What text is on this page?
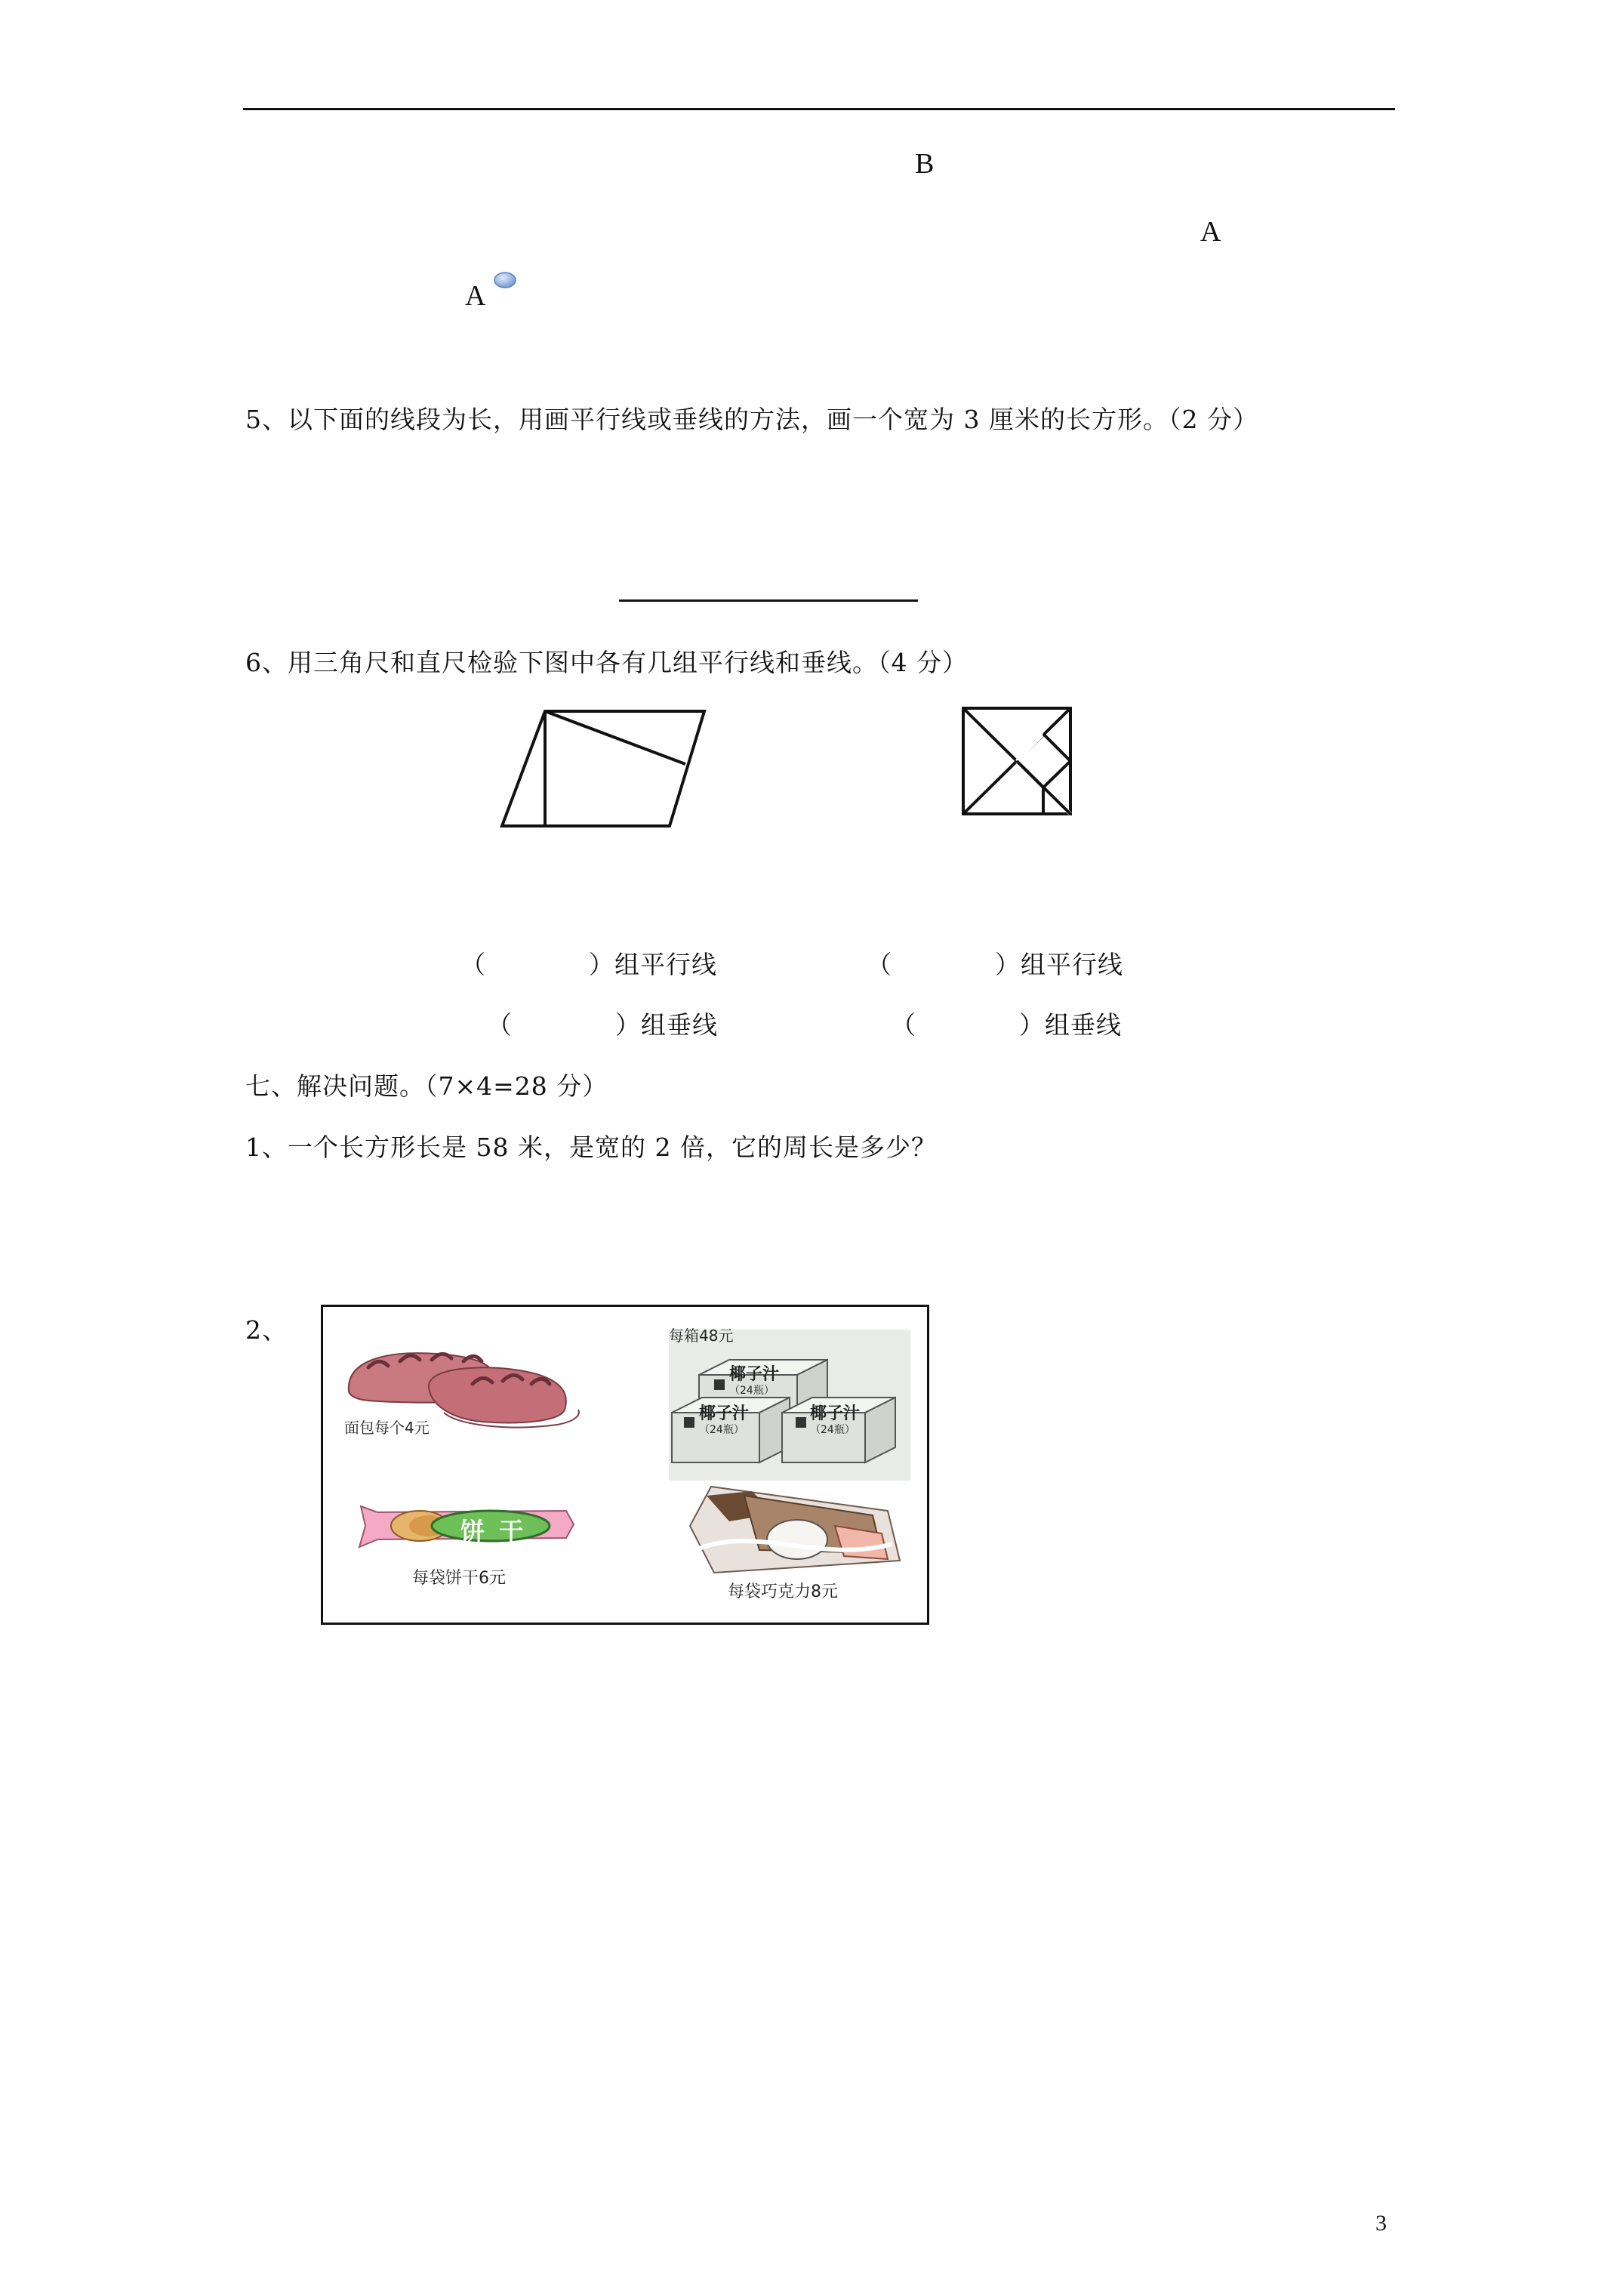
B
A
A
5、以下面的线段为长，用画平行线或垂线的方法，画一个宽为 3 厘米的长方形。（2 分）
6、用三角尺和直尺检验下图中各有几组平行线和垂线。（4 分）
（　　　　）组平行线	（　　　　）组平行线
（　　　　）组垂线	（　　　　）组垂线
七、解决问题。（7×4=28 分）
1、一个长方形长是 58 米，是宽的 2 倍，它的周长是多少？
2、
面包每个4元
每箱48元
椰子汁
（24瓶）
椰子汁
（24瓶）
椰子汁
（24瓶）
饼 干
每袋饼干6元
每袋巧克力8元
3
